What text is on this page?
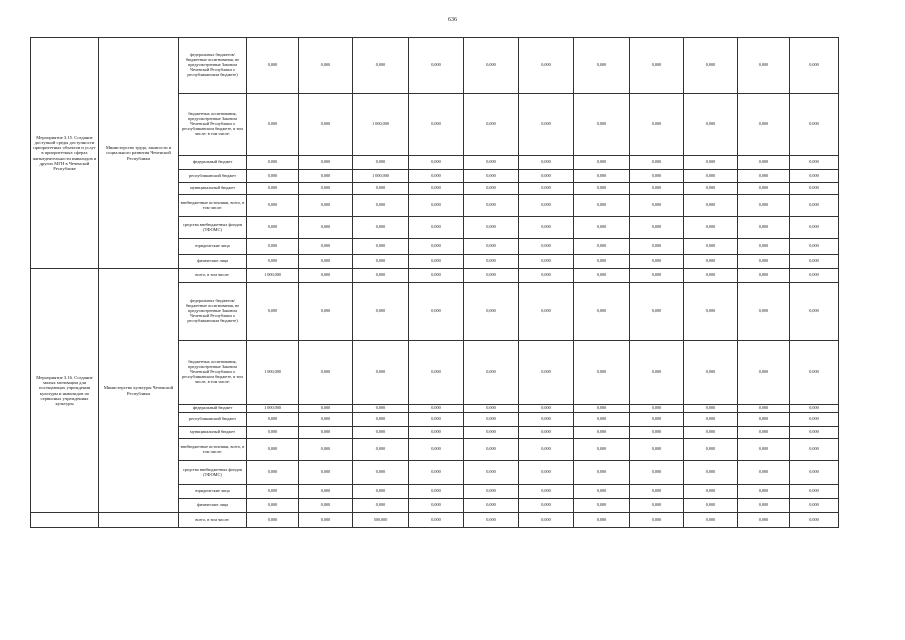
636
Мероприятие 3.15. Создание доступной среды доступности приоритетных объектов и услуг в приоритетных сферах жизнедеятельности инвалидов и других МГН в Чеченской Республике	Министерство труда, занятости и социального развития Чеченской Республики	федеральных бюджетов/бюджетные ассигнования, не предусмотренные Законом Чеченской Республики о республиканском бюджете)	0,000	0,000	0,000	0,000	0,000	0,000	0,000	0,000	0,000	0,000	0,000
		бюджетных ассигнования, предусмотренные Законом Чеченской Республики о республиканском бюджете, в том числе: в том числе:	0,000	0,000	1 000,000	0,000	0,000	0,000	0,000	0,000	0,000	0,000	0,000
		федеральный бюджет	0,000	0,000	0,000	0,000	0,000	0,000	0,000	0,000	0,000	0,000	0,000
		республиканский бюджет	0,000	0,000	1 000,000	0,000	0,000	0,000	0,000	0,000	0,000	0,000	0,000
		муниципальный бюджет	0,000	0,000	0,000	0,000	0,000	0,000	0,000	0,000	0,000	0,000	0,000
		внебюджетные источники, всего, в том числе:	0,000	0,000	0,000	0,000	0,000	0,000	0,000	0,000	0,000	0,000	0,000
		средства внебюджетных фондов (ТФОМС)	0,000	0,000	0,000	0,000	0,000	0,000	0,000	0,000	0,000	0,000	0,000
		юридические лица	0,000	0,000	0,000	0,000	0,000	0,000	0,000	0,000	0,000	0,000	0,000
		физические лица	0,000	0,000	0,000	0,000	0,000	0,000	0,000	0,000	0,000	0,000	0,000
Мероприятие 3.16. Создание малых мотивации для посещающих учреждения культуры и инвалидов по сервисных учреждениях культуры	Министерство культуры Чеченской Республики	всего, в том числе:	1 000,000	0,000	0,000	0,000	0,000	0,000	0,000	0,000	0,000	0,000	0,000
		федеральных бюджетов/бюджетные ассигнования, не предусмотренные Законом Чеченской Республики о республиканском бюджете)	0,000	0,000	0,000	0,000	0,000	0,000	0,000	0,000	0,000	0,000	0,000
		бюджетных ассигнования, предусмотренные Законом Чеченской Республики о республиканском бюджете, в том числе, в том числе:	1 000,000	0,000	0,000	0,000	0,000	0,000	0,000	0,000	0,000	0,000	0,000
		федеральный бюджет	1 000,000	0,000	0,000	0,000	0,000	0,000	0,000	0,000	0,000	0,000	0,000
		республиканский бюджет	0,000	0,000	0,000	0,000	0,000	0,000	0,000	0,000	0,000	0,000	0,000
		муниципальный бюджет	0,000	0,000	0,000	0,000	0,000	0,000	0,000	0,000	0,000	0,000	0,000
		внебюджетные источники, всего, в том числе:	0,000	0,000	0,000	0,000	0,000	0,000	0,000	0,000	0,000	0,000	0,000
		средства внебюджетных фондов (ТФОМС)	0,000	0,000	0,000	0,000	0,000	0,000	0,000	0,000	0,000	0,000	0,000
		юридические лица	0,000	0,000	0,000	0,000	0,000	0,000	0,000	0,000	0,000	0,000	0,000
		физические лица	0,000	0,000	0,000	0,000	0,000	0,000	0,000	0,000	0,000	0,000	0,000
		всего, в том числе:	0,000	0,000	500,000	0,000	0,000	0,000	0,000	0,000	0,000	0,000	0,000
